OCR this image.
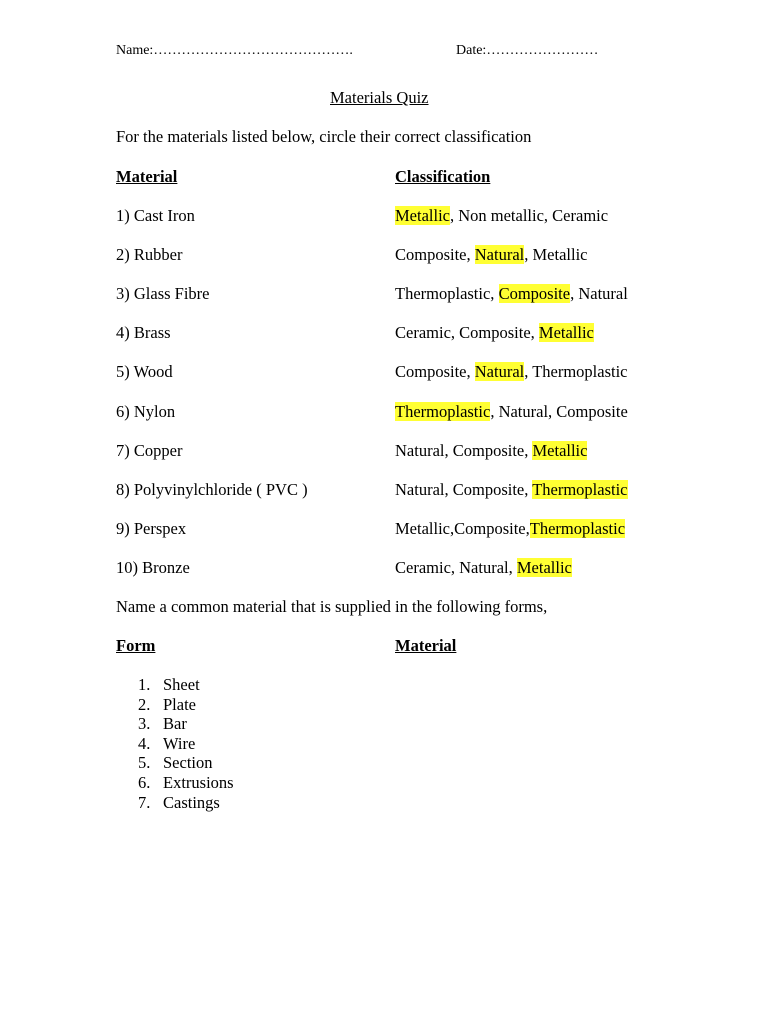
Name:…………………………………….	Date:……………………
Materials Quiz
For the materials listed below, circle their correct classification
Material	Classification
1) Cast Iron	Metallic, Non metallic, Ceramic
2) Rubber	Composite, Natural, Metallic
3) Glass Fibre	Thermoplastic, Composite, Natural
4) Brass	Ceramic, Composite, Metallic
5) Wood	Composite, Natural, Thermoplastic
6) Nylon	Thermoplastic, Natural, Composite
7) Copper	Natural, Composite, Metallic
8) Polyvinylchloride ( PVC )	Natural, Composite, Thermoplastic
9) Perspex	Metallic,Composite,Thermoplastic
10) Bronze	Ceramic, Natural, Metallic
Name a common material that is supplied in the following forms,
Form	Material
1. Sheet
2. Plate
3. Bar
4. Wire
5. Section
6. Extrusions
7. Castings
